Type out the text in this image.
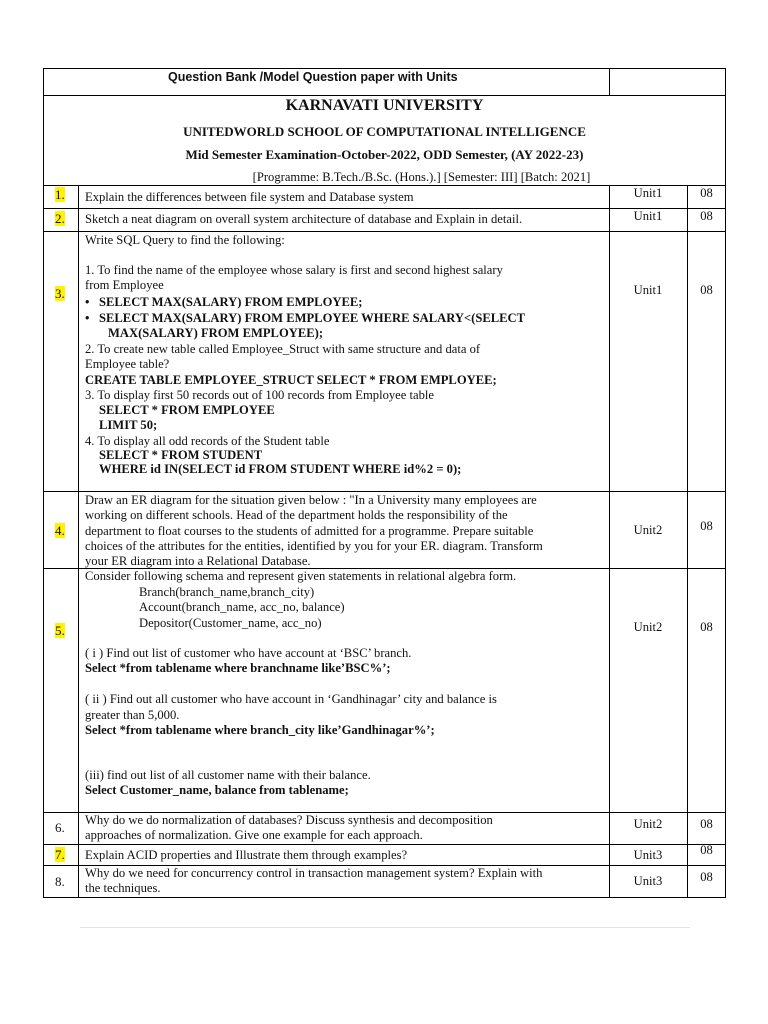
Question Bank /Model Question paper with Units
KARNAVATI UNIVERSITY
UNITEDWORLD SCHOOL OF COMPUTATIONAL INTELLIGENCE
Mid Semester Examination-October-2022, ODD Semester, (AY 2022-23)
[Programme: B.Tech./B.Sc. (Hons.).] [Semester: III] [Batch: 2021]
1. Explain the differences between file system and Database system	Unit1	08
2. Sketch a neat diagram on overall system architecture of database and Explain in detail.	Unit1	08
3.
Write SQL Query to find the following:
1. To find the name of the employee whose salary is first and second highest salary
from Employee
• SELECT MAX(SALARY) FROM EMPLOYEE;
• SELECT MAX(SALARY) FROM EMPLOYEE WHERE SALARY<(SELECT
MAX(SALARY) FROM EMPLOYEE);
2. To create new table called Employee_Struct with same structure and data of
Employee table?
CREATE TABLE EMPLOYEE_STRUCT SELECT * FROM EMPLOYEE;
3. To display first 50 records out of 100 records from Employee table
SELECT * FROM EMPLOYEE
LIMIT 50;
4. To display all odd records of the Student table
SELECT * FROM STUDENT
WHERE id IN(SELECT id FROM STUDENT WHERE id%2 = 0);
Unit1	08
4.
Draw an ER diagram for the situation given below : "In a University many employees are
working on different schools. Head of the department holds the responsibility of the
department to float courses to the students of admitted for a programme. Prepare suitable
choices of the attributes for the entities, identified by you for your ER. diagram. Transform
your ER diagram into a Relational Database.
Unit2	08
5.
Consider following schema and represent given statements in relational algebra form.
Branch(branch_name,branch_city)
Account(branch_name, acc_no, balance)
Depositor(Customer_name, acc_no)
( i ) Find out list of customer who have account at ‘BSC’ branch.
Select *from tablename where branchname like’BSC%’;
( ii ) Find out all customer who have account in ‘Gandhinagar’ city and balance is
greater than 5,000.
Select *from tablename where branch_city like’Gandhinagar%’;
(iii) find out list of all customer name with their balance.
Select Customer_name, balance from tablename;
Unit2	08
6. Why do we do normalization of databases? Discuss synthesis and decomposition
approaches of normalization. Give one example for each approach.
Unit2	08
7. Explain ACID properties and Illustrate them through examples?	Unit3	08
8.
Why do we need for concurrency control in transaction management system? Explain with
the techniques.	Unit3	08
